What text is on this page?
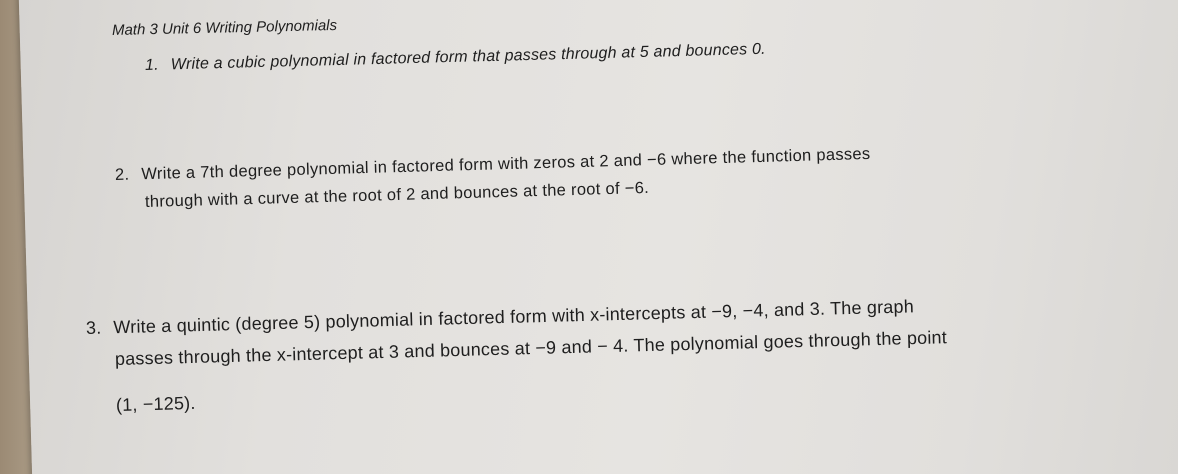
Math 3 Unit 6 Writing Polynomials
1. Write a cubic polynomial in factored form that passes through at 5 and bounces 0.
2. Write a 7th degree polynomial in factored form with zeros at 2 and −6 where the function passes
through with a curve at the root of 2 and bounces at the root of −6.
3. Write a quintic (degree 5) polynomial in factored form with x-intercepts at −9, −4, and 3. The graph
passes through the x-intercept at 3 and bounces at −9 and − 4. The polynomial goes through the point
(1, −125).
